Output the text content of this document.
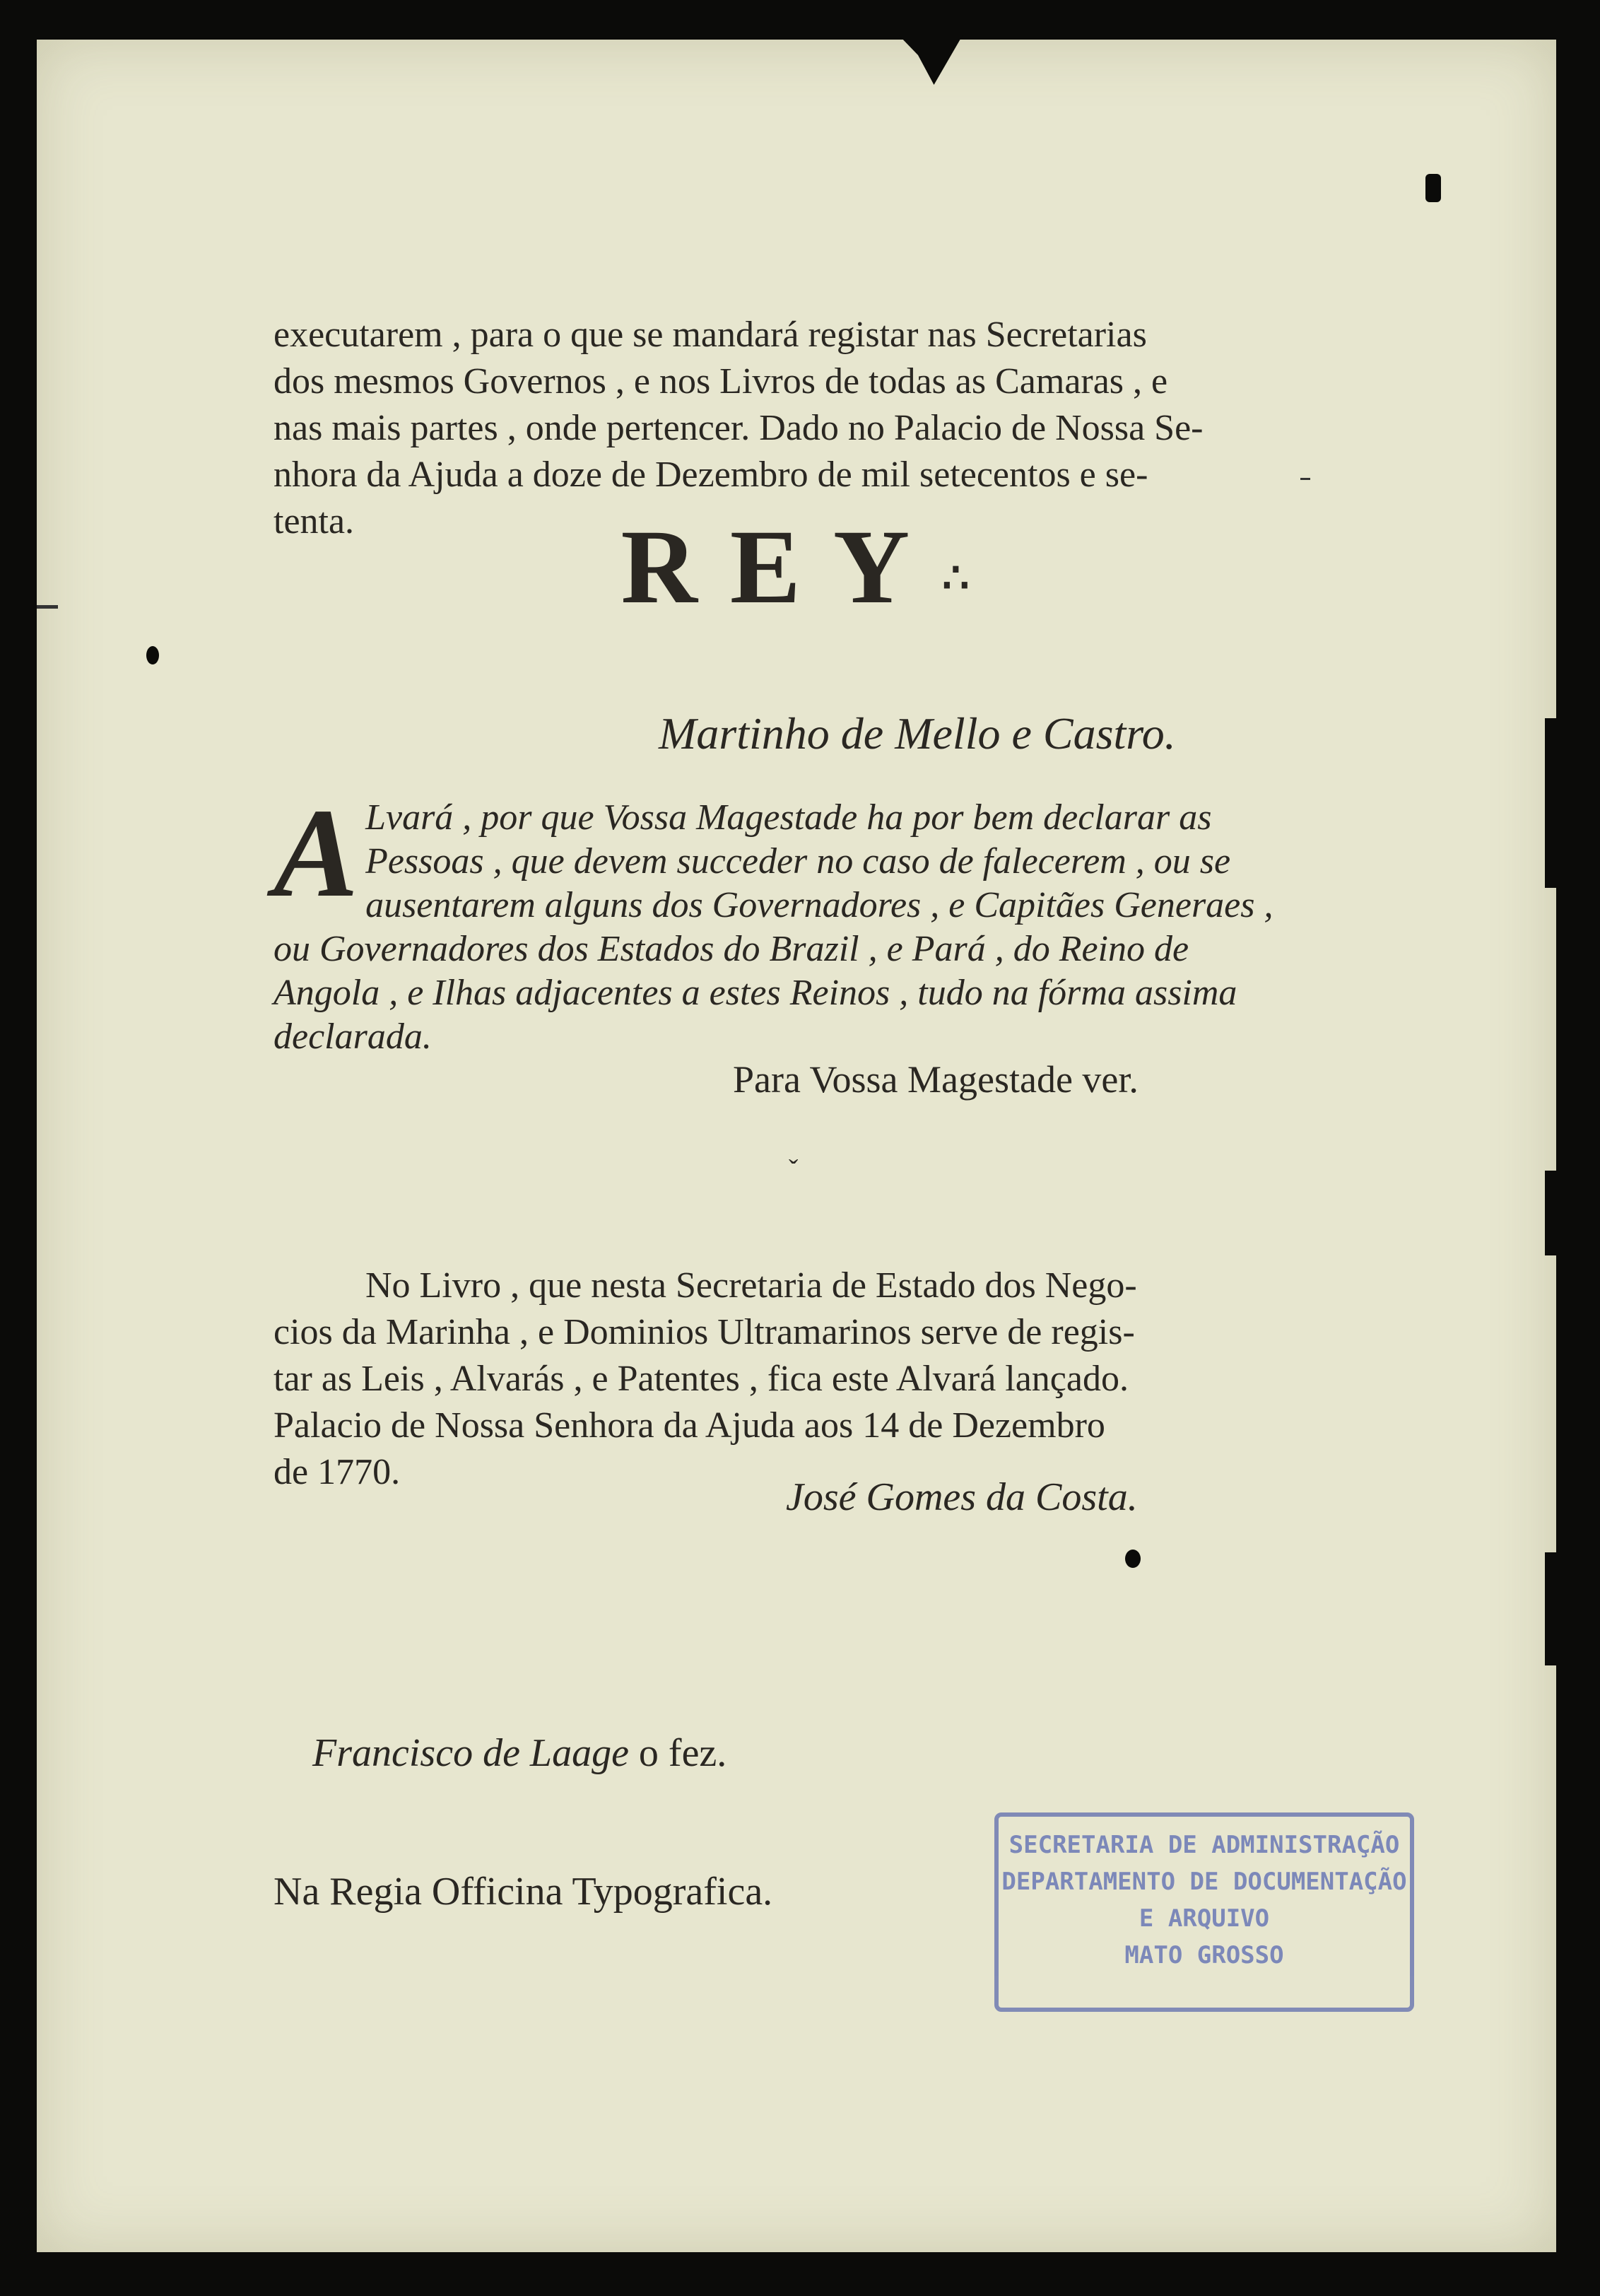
executarem , para o que se mandará registar nas Secretarias
dos mesmos Governos , e nos Livros de todas as Camaras , e
nas mais partes , onde pertencer. Dado no Palacio de Nossa Se-
nhora da Ajuda a doze de Dezembro de mil setecentos e se-
tenta.	REY∴
Martinho de Mello e Castro.
A Lvará , por que Vossa Magestade ha por bem declarar as Pessoas , que devem succeder no caso de falecerem , ou se ausentarem alguns dos Governadores , e Capitães Generaes , ou Governadores dos Estados do Brazil , e Pará , do Reino de Angola , e Ilhas adjacentes a estes Reinos , tudo na fórma assima declarada.
Para Vossa Magestade ver.
ˇ
No Livro , que nesta Secretaria de Estado dos Nego-
cios da Marinha , e Dominios Ultramarinos serve de regis-
tar as Leis , Alvarás , e Patentes , fica este Alvará lançado.
Palacio de Nossa Senhora da Ajuda aos 14 de Dezembro
de 1770.
José Gomes da Costa.
Francisco de Laage o fez.
Na Regia Officina Typografica.
SECRETARIA DE ADMINISTRAÇÃO
DEPARTAMENTO DE DOCUMENTAÇÃO
E ARQUIVO
MATO GROSSO
